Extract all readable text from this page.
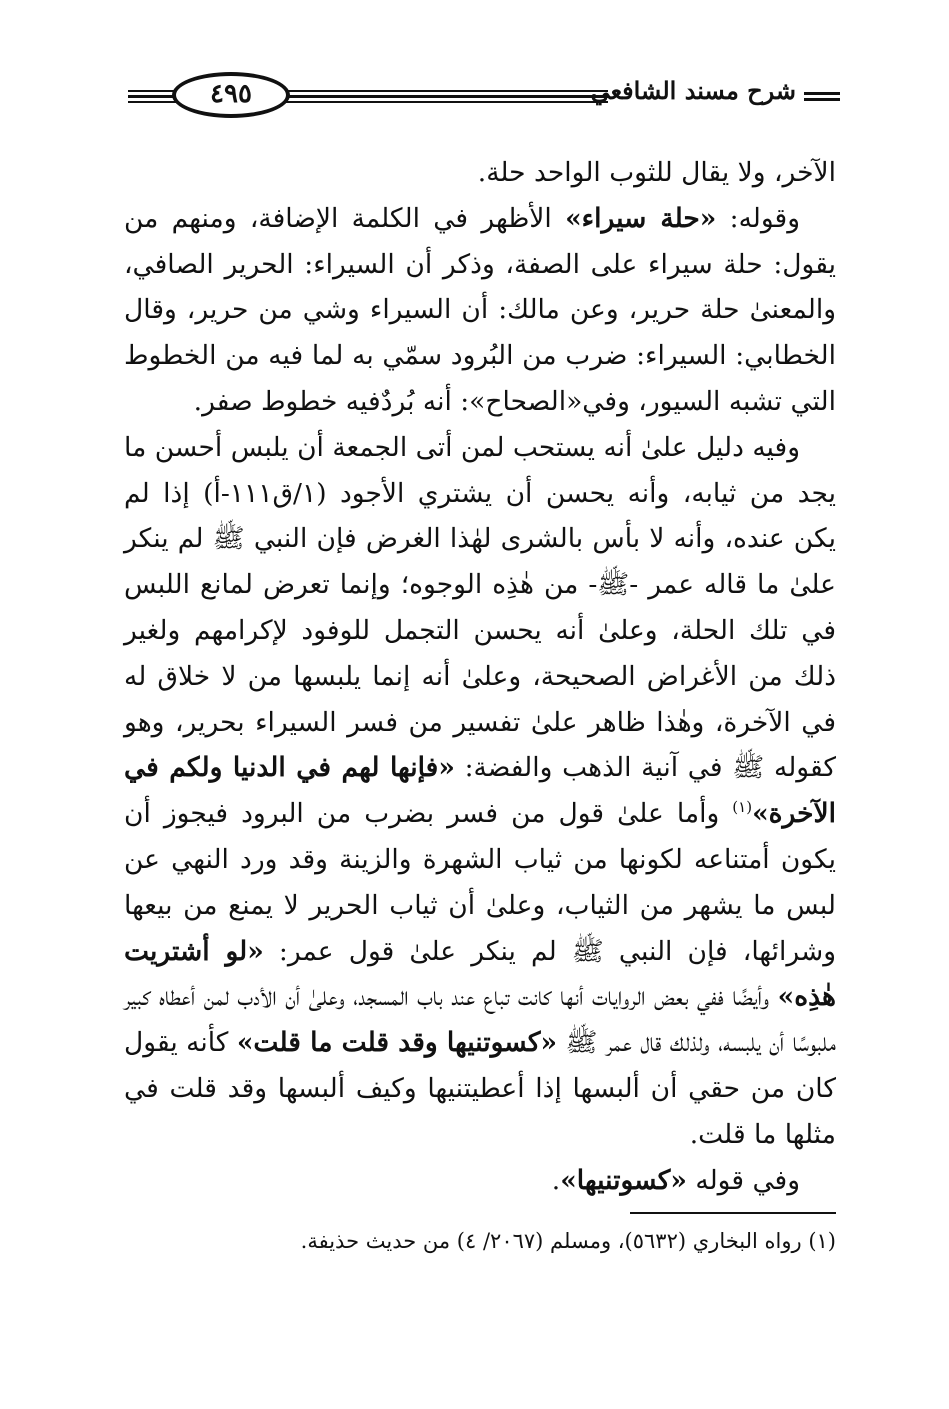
شرح مسند الشافعي
٤٩٥

الآخر، ولا يقال للثوب الواحد حلة.

وقوله: «حلة سيراء» الأظهر في الكلمة الإضافة، ومنهم من يقول: حلة سيراء على الصفة، وذكر أن السيراء: الحرير الصافي، والمعنىٰ حلة حرير، وعن مالك: أن السيراء وشي من حرير، وقال الخطابي: السيراء: ضرب من البُرود سمّي به لما فيه من الخطوط التي تشبه السيور، وفي«الصحاح»: أنه بُردٌفيه خطوط صفر.

وفيه دليل علىٰ أنه يستحب لمن أتى الجمعة أن يلبس أحسن ما يجد من ثيابه، وأنه يحسن أن يشتري الأجود (١/ق١١١-أ) إذا لم يكن عنده، وأنه لا بأس بالشرى لهٰذا الغرض فإن النبي ﷺ لم ينكر علىٰ ما قاله عمر -ﷺ- من هٰذِه الوجوه؛ وإنما تعرض لمانع اللبس في تلك الحلة، وعلىٰ أنه يحسن التجمل للوفود لإكرامهم ولغير ذلك من الأغراض الصحيحة، وعلىٰ أنه إنما يلبسها من لا خلاق له في الآخرة، وهٰذا ظاهر علىٰ تفسير من فسر السيراء بحرير، وهو كقوله ﷺ في آنية الذهب والفضة: «فإنها لهم في الدنيا ولكم في الآخرة»$^{(١)}$ وأما علىٰ قول من فسر بضرب من البرود فيجوز أن يكون أمتناعه لكونها من ثياب الشهرة والزينة وقد ورد النهي عن لبس ما يشهر من الثياب، وعلىٰ أن ثياب الحرير لا يمنع من بيعها وشرائها، فإن النبي ﷺ لم ينكر علىٰ قول عمر: «لو أشتريت هٰذِه» وأيضًا ففي بعض الروايات أنها كانت تباع عند باب المسجد، وعلىٰ أن الأدب لمن أعطاه كبير ملبوسًا أن يلبسه، ولذلك قال عمر ﷺ «كسوتنيها وقد قلت ما قلت» كأنه يقول كان من حقي أن ألبسها إذا أعطيتنيها وكيف ألبسها وقد قلت في مثلها ما قلت.

وفي قوله «كسوتنيها».

(١) رواه البخاري (٥٦٣٢)، ومسلم (٢٠٦٧/ ٤) من حديث حذيفة.
